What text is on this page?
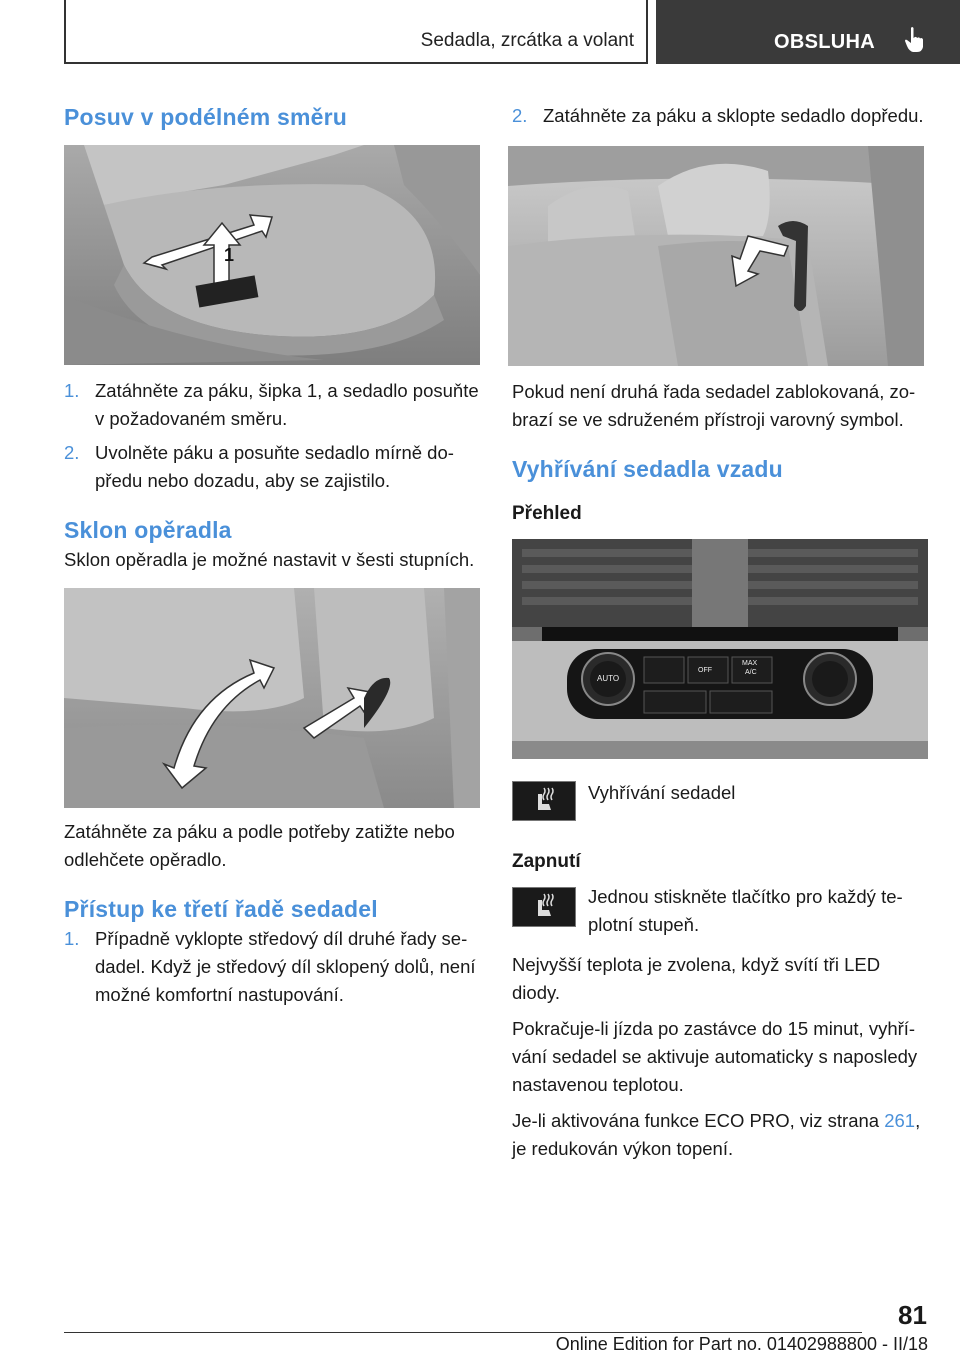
Sedadla, zrcátka a volant	OBSLUHA
Posuv v podélném směru
1
1. Zatáhněte za páku, šipka 1, a sedadlo posuňte v požadovaném směru.
2. Uvolněte páku a posuňte sedadlo mírně dopředu nebo dozadu, aby se zajistilo.
Sklon opěradla

Sklon opěradla je možné nastavit v šesti stupních.

Zatáhněte za páku a podle potřeby zatižte nebo odlehčete opěradlo.

Přístup ke třetí řadě sedadel
1. Případně vyklopte středový díl druhé řady sedadel. Když je středový díl sklopený dolů, není možné komfortní nastupování.
2. Zatáhněte za páku a sklopte sedadlo dopředu.

Pokud není druhá řada sedadel zablokovaná, zobrazí se ve sdruženém přístroji varovný symbol.

Vyhřívání sedadla vzadu
Přehled
AUTO
OFF
MAX
A/C
Vyhřívání sedadel
Zapnutí
Jednou stiskněte tlačítko pro každý teplotní stupeň.

Nejvyšší teplota je zvolena, když svítí tři LED diody.

Pokračuje-li jízda po zastávce do 15 minut, vyhřívání sedadel se aktivuje automaticky s naposledy nastavenou teplotou.

Je-li aktivována funkce ECO PRO, viz strana 261, je redukován výkon topení.

81
Online Edition for Part no. 01402988800 - II/18
